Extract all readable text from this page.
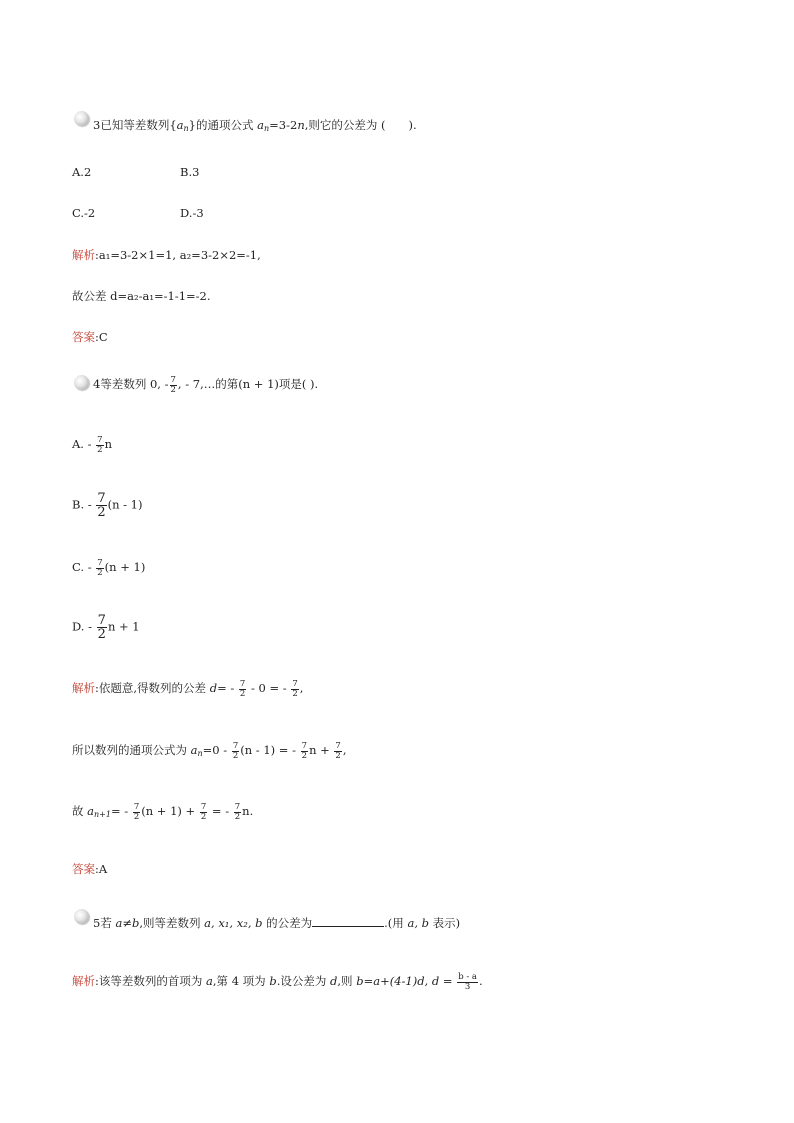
3已知等差数列$\{a_n\}$的通项公式 $a_n=3-2n$,则它的公差为 (　　).
A.2	B.3
C.-2	D.-3
解析:a₁=3-2×1=1, a₂=3-2×2=-1,
故公差 d=a₂-a₁=-1-1=-2.
答案:C
4等差数列 0, - $\frac{7}{2}$ , - 7,…的第(n + 1)项是( ).
A. - $\frac{7}{2}$ n
B. - $\frac{7}{2} (n - 1)$
C. - $\frac{7}{2} (n + 1)$
D. - $\frac{7}{2}$ n + 1
解析:依题意,得数列的公差 $d= - \frac{7}{2} - 0$ = - $\frac{7}{2}$ ,
所以数列的通项公式为 $a_n=0 - \frac{7}{2} (n - 1)$ = - $\frac{7}{2}$ $n + \frac{7}{2}$ ,
故 $a_{n+1}= - \frac{7}{2} (n + 1) + \frac{7}{2}$ = - $\frac{7}{2} n$.
答案:A
5若 a≠b,则等差数列 a, x₁, x₂, b 的公差为	.(用 a, b 表示)
解析:该等差数列的首项为 a,第 4 项为 b.设公差为 d,则 b=a+(4-1)d, $d = \frac{b - a}{3}$ .
